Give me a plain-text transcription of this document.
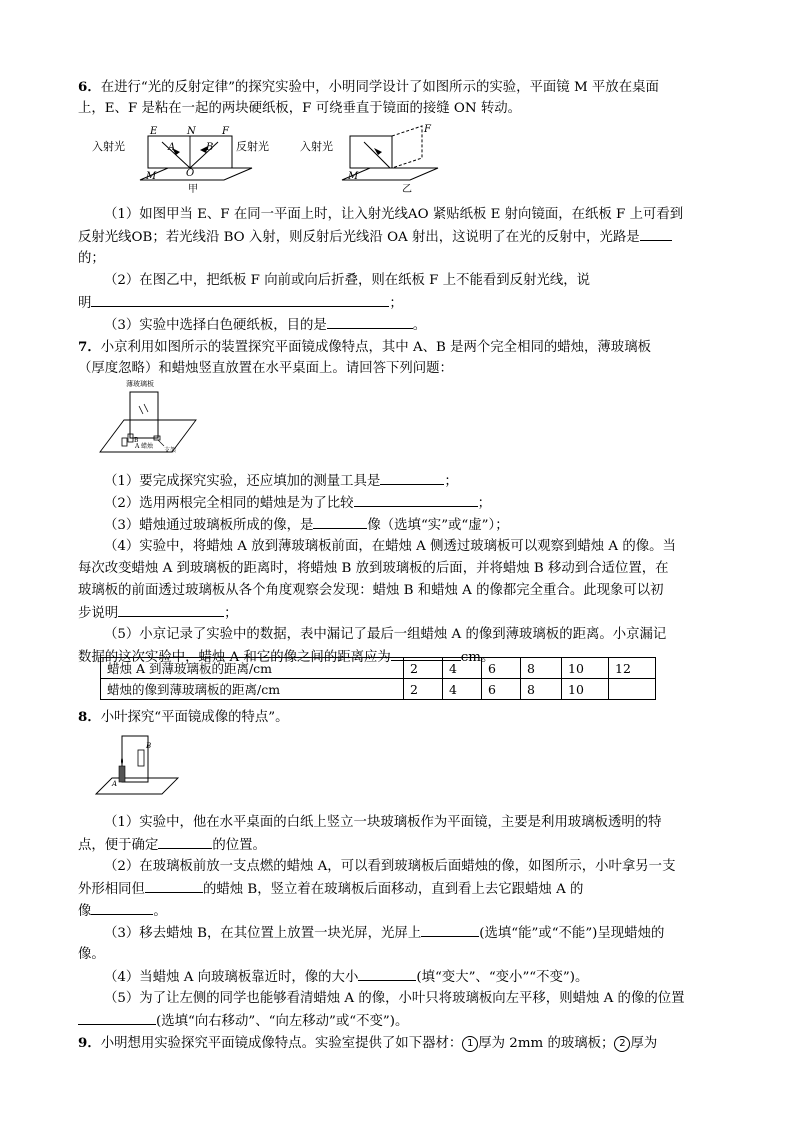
6．在进行“光的反射定律”的探究实验中，小明同学设计了如图所示的实验，平面镜 M 平放在桌面
上，E、F 是粘在一起的两块硬纸板，F 可绕垂直于镜面的接缝 ON 转动。
入射光
E	N	F
A	B
O
M
反射光
甲
入射光
F
M
乙
（1）如图甲当 E、F 在同一平面上时，让入射光线AO 紧贴纸板 E 射向镜面，在纸板 F 上可看到
反射光线OB；若光线沿 BO 入射，则反射后光线沿 OA 射出，这说明了在光的反射中，光路是
的；
（2）在图乙中，把纸板 F 向前或向后折叠，则在纸板 F 上不能看到反射光线，说
明	；
（3）实验中选择白色硬纸板，目的是	。
7．小京利用如图所示的装置探究平面镜成像特点，其中 A、B 是两个完全相同的蜡烛，薄玻璃板
（厚度忽略）和蜡烛竖直放置在水平桌面上。请回答下列问题：
薄玻璃板
B
A 蜡烛
支架
（1）要完成探究实验，还应填加的测量工具是	；
（2）选用两根完全相同的蜡烛是为了比较	；
（3）蜡烛通过玻璃板所成的像，是	像（选填“实”或“虚”）；
（4）实验中，将蜡烛 A 放到薄玻璃板前面，在蜡烛 A 侧透过玻璃板可以观察到蜡烛 A 的像。当
每次改变蜡烛 A 到玻璃板的距离时，将蜡烛 B 放到玻璃板的后面，并将蜡烛 B 移动到合适位置，在
玻璃板的前面透过玻璃板从各个角度观察会发现：蜡烛 B 和蜡烛 A 的像都完全重合。此现象可以初
步说明	；
（5）小京记录了实验中的数据，表中漏记了最后一组蜡烛 A 的像到薄玻璃板的距离。小京漏记
数据的这次实验中，蜡烛 A 和它的像之间的距离应为	cm。
蜡烛 A 到薄玻璃板的距离/cm	2	4	6	8	10	12
蜡烛的像到薄玻璃板的距离/cm	2	4	6	8	10	
8．小叶探究“平面镜成像的特点”。
A
B
（1）实验中，他在水平桌面的白纸上竖立一块玻璃板作为平面镜，主要是利用玻璃板透明的特
点，便于确定	的位置。
（2）在玻璃板前放一支点燃的蜡烛 A，可以看到玻璃板后面蜡烛的像，如图所示，小叶拿另一支
外形相同但	的蜡烛 B，竖立着在玻璃板后面移动，直到看上去它跟蜡烛 A 的
像	。
（3）移去蜡烛 B，在其位置上放置一块光屏，光屏上	(选填“能”或“不能”)呈现蜡烛的
像。
（4）当蜡烛 A 向玻璃板靠近时，像的大小	(填“变大”、“变小”“不变”)。
（5）为了让左侧的同学也能够看清蜡烛 A 的像，小叶只将玻璃板向左平移，则蜡烛 A 的像的位置
(选填“向右移动”、“向左移动”或“不变”)。
9．小明想用实验探究平面镜成像特点。实验室提供了如下器材： 1 厚为 2mm 的玻璃板； 2 厚为
